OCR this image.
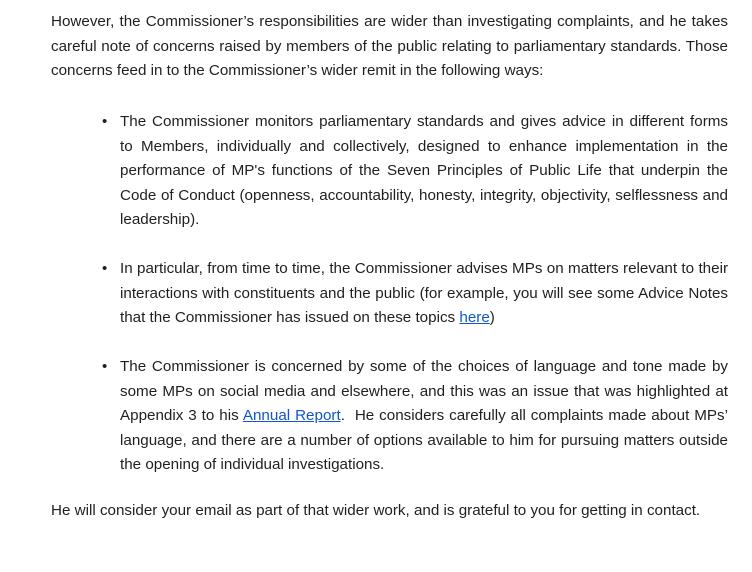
However, the Commissioner’s responsibilities are wider than investigating complaints, and he takes careful note of concerns raised by members of the public relating to parliamentary standards. Those concerns feed in to the Commissioner’s wider remit in the following ways:

• The Commissioner monitors parliamentary standards and gives advice in different forms to Members, individually and collectively, designed to enhance implementation in the performance of MP's functions of the Seven Principles of Public Life that underpin the Code of Conduct (openness, accountability, honesty, integrity, objectivity, selflessness and leadership).
• In particular, from time to time, the Commissioner advises MPs on matters relevant to their interactions with constituents and the public (for example, you will see some Advice Notes that the Commissioner has issued on these topics here)
• The Commissioner is concerned by some of the choices of language and tone made by some MPs on social media and elsewhere, and this was an issue that was highlighted at Appendix 3 to his Annual Report.  He considers carefully all complaints made about MPs’ language, and there are a number of options available to him for pursuing matters outside the opening of individual investigations.

He will consider your email as part of that wider work, and is grateful to you for getting in contact.
